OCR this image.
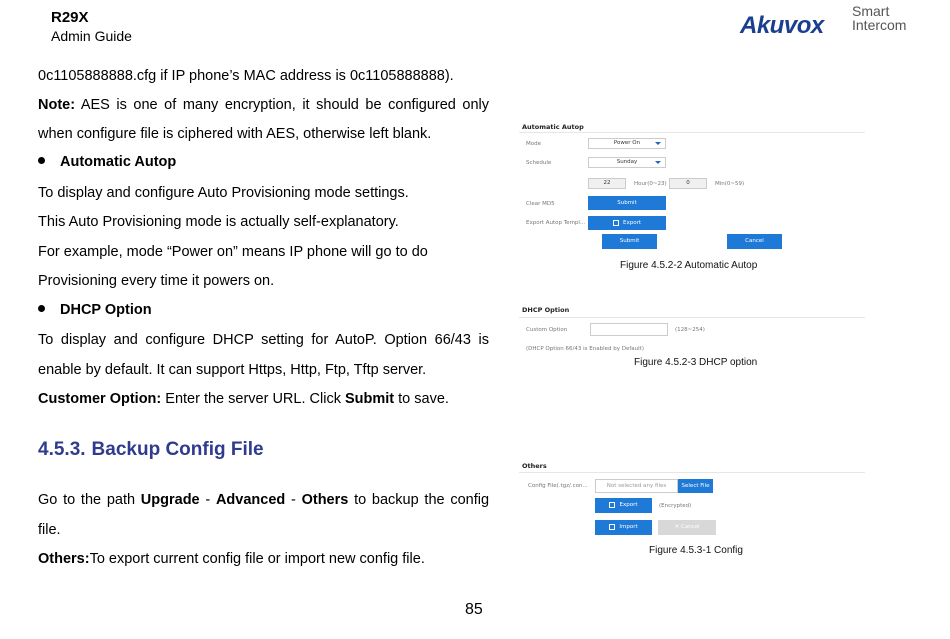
R29X
Admin Guide	Akuvox
Smart
Intercom
0c1105888888.cfg if IP phone’s MAC address is 0c1105888888).
Note: AES is one of many encryption, it should be configured only
when configure file is ciphered with AES, otherwise left blank.
Automatic Autop
To display and configure Auto Provisioning mode settings.
This Auto Provisioning mode is actually self-explanatory.
For example, mode “Power on” means IP phone will go to do
Provisioning every time it powers on.
DHCP Option
To display and configure DHCP setting for AutoP. Option 66/43 is
enable by default. It can support Https, Http, Ftp, Tftp server.
Customer Option: Enter the server URL. Click Submit to save.
4.5.3. Backup Config File
Go to the path Upgrade - Advanced - Others to backup the config
file.
Others:To export current config file or import new config file.
85
Automatic Autop
Mode	Power On
Schedule	Sunday
22	Hour(0~23)	0	Min(0~59)
Clear MD5	Submit
Export Autop Templ...	Export
Submit	Cancel
Figure 4.5.2-2 Automatic Autop
DHCP Option
Custom Option	(128~254)
(DHCP Option 66/43 is Enabled by Default)
Figure 4.5.2-3 DHCP option
Others
Config File(.tgz/.con...	Not selected any files	Select File
Export	(Encrypted)
Import	✕ Cancel
Figure 4.5.3-1 Config
